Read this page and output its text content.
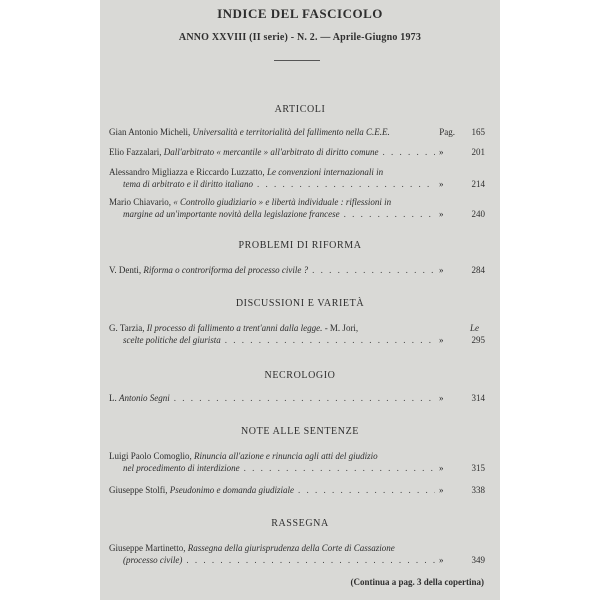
INDICE DEL FASCICOLO
ANNO XXVIII (II serie) - N. 2. — Aprile-Giugno 1973
ARTICOLI
Gian Antonio Micheli,
Universalità e territorialità del fallimento nella C.E.E.	Pag.	165
Elio Fazzalari,
Dall'arbitrato « mercantile » all'arbitrato di diritto comune . . .	»	201
Alessandro Migliazza e Riccardo Luzzatto,
Le convenzioni internazionali in
tema di arbitrato e il diritto italiano . . .	»	214
Mario Chiavario,
« Controllo giudiziario » e libertà individuale : riflessioni in
margine ad un'importante novità della legislazione francese . . .	»	240
PROBLEMI DI RIFORMA
V. Denti,
Riforma o controriforma del processo civile ? . . .	»	284
DISCUSSIONI E VARIETÀ
G. Tarzia,
Il processo di fallimento a trent'anni dalla legge.
- M. Jori,	Le
scelte politiche del giurista . . .	»	295
NECROLOGIO
L.
Antonio Segni . . .	»	314
NOTE ALLE SENTENZE
Luigi Paolo Comoglio,
Rinuncia all'azione e rinuncia agli atti del giudizio
nel procedimento di interdizione . . .	»	315
Giuseppe Stolfi,
Pseudonimo e domanda giudiziale . . .	»	338
RASSEGNA
Giuseppe Martinetto,
Rassegna della giurisprudenza della Corte di Cassazione
(processo civile) . . .	»	349
(Continua a pag. 3 della copertina)
